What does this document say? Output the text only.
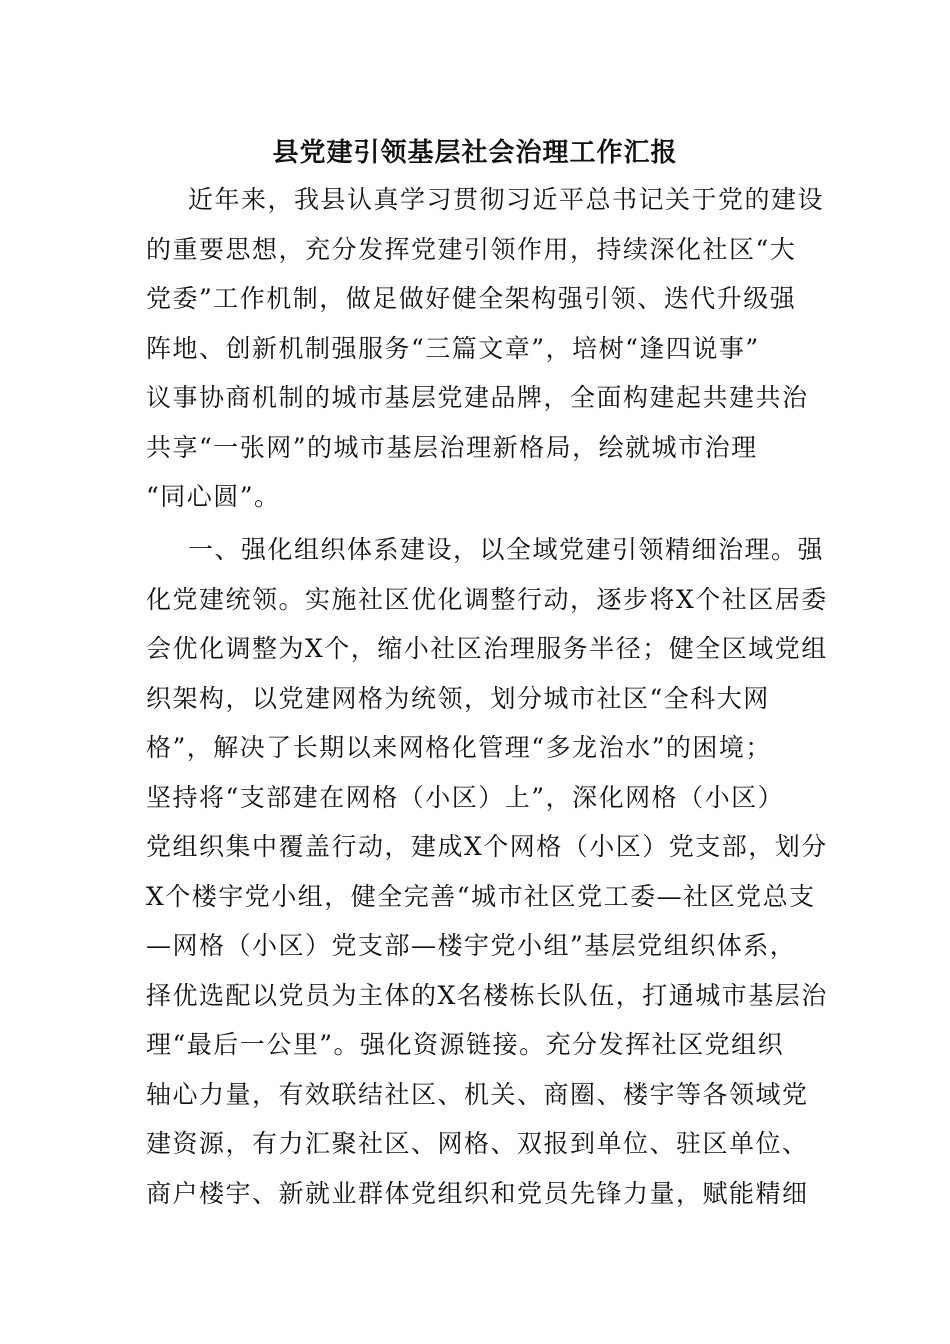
县党建引领基层社会治理工作汇报
近年来，我县认真学习贯彻习近平总书记关于党的建设
的重要思想，充分发挥党建引领作用，持续深化社区“大
党委”工作机制，做足做好健全架构强引领、迭代升级强
阵地、创新机制强服务“三篇文章”，培树“逢四说事”
议事协商机制的城市基层党建品牌，全面构建起共建共治
共享“一张网”的城市基层治理新格局，绘就城市治理
“同心圆”。
一、强化组织体系建设，以全域党建引领精细治理。强
化党建统领。实施社区优化调整行动，逐步将X个社区居委
会优化调整为X个，缩小社区治理服务半径；健全区域党组
织架构，以党建网格为统领，划分城市社区“全科大网
格”，解决了长期以来网格化管理“多龙治水”的困境；
坚持将“支部建在网格（小区）上”，深化网格（小区）
党组织集中覆盖行动，建成X个网格（小区）党支部，划分
X个楼宇党小组，健全完善“城市社区党工委—社区党总支
—网格（小区）党支部—楼宇党小组”基层党组织体系，
择优选配以党员为主体的X名楼栋长队伍，打通城市基层治
理“最后一公里”。强化资源链接。充分发挥社区党组织
轴心力量，有效联结社区、机关、商圈、楼宇等各领域党
建资源，有力汇聚社区、网格、双报到单位、驻区单位、
商户楼宇、新就业群体党组织和党员先锋力量，赋能精细
